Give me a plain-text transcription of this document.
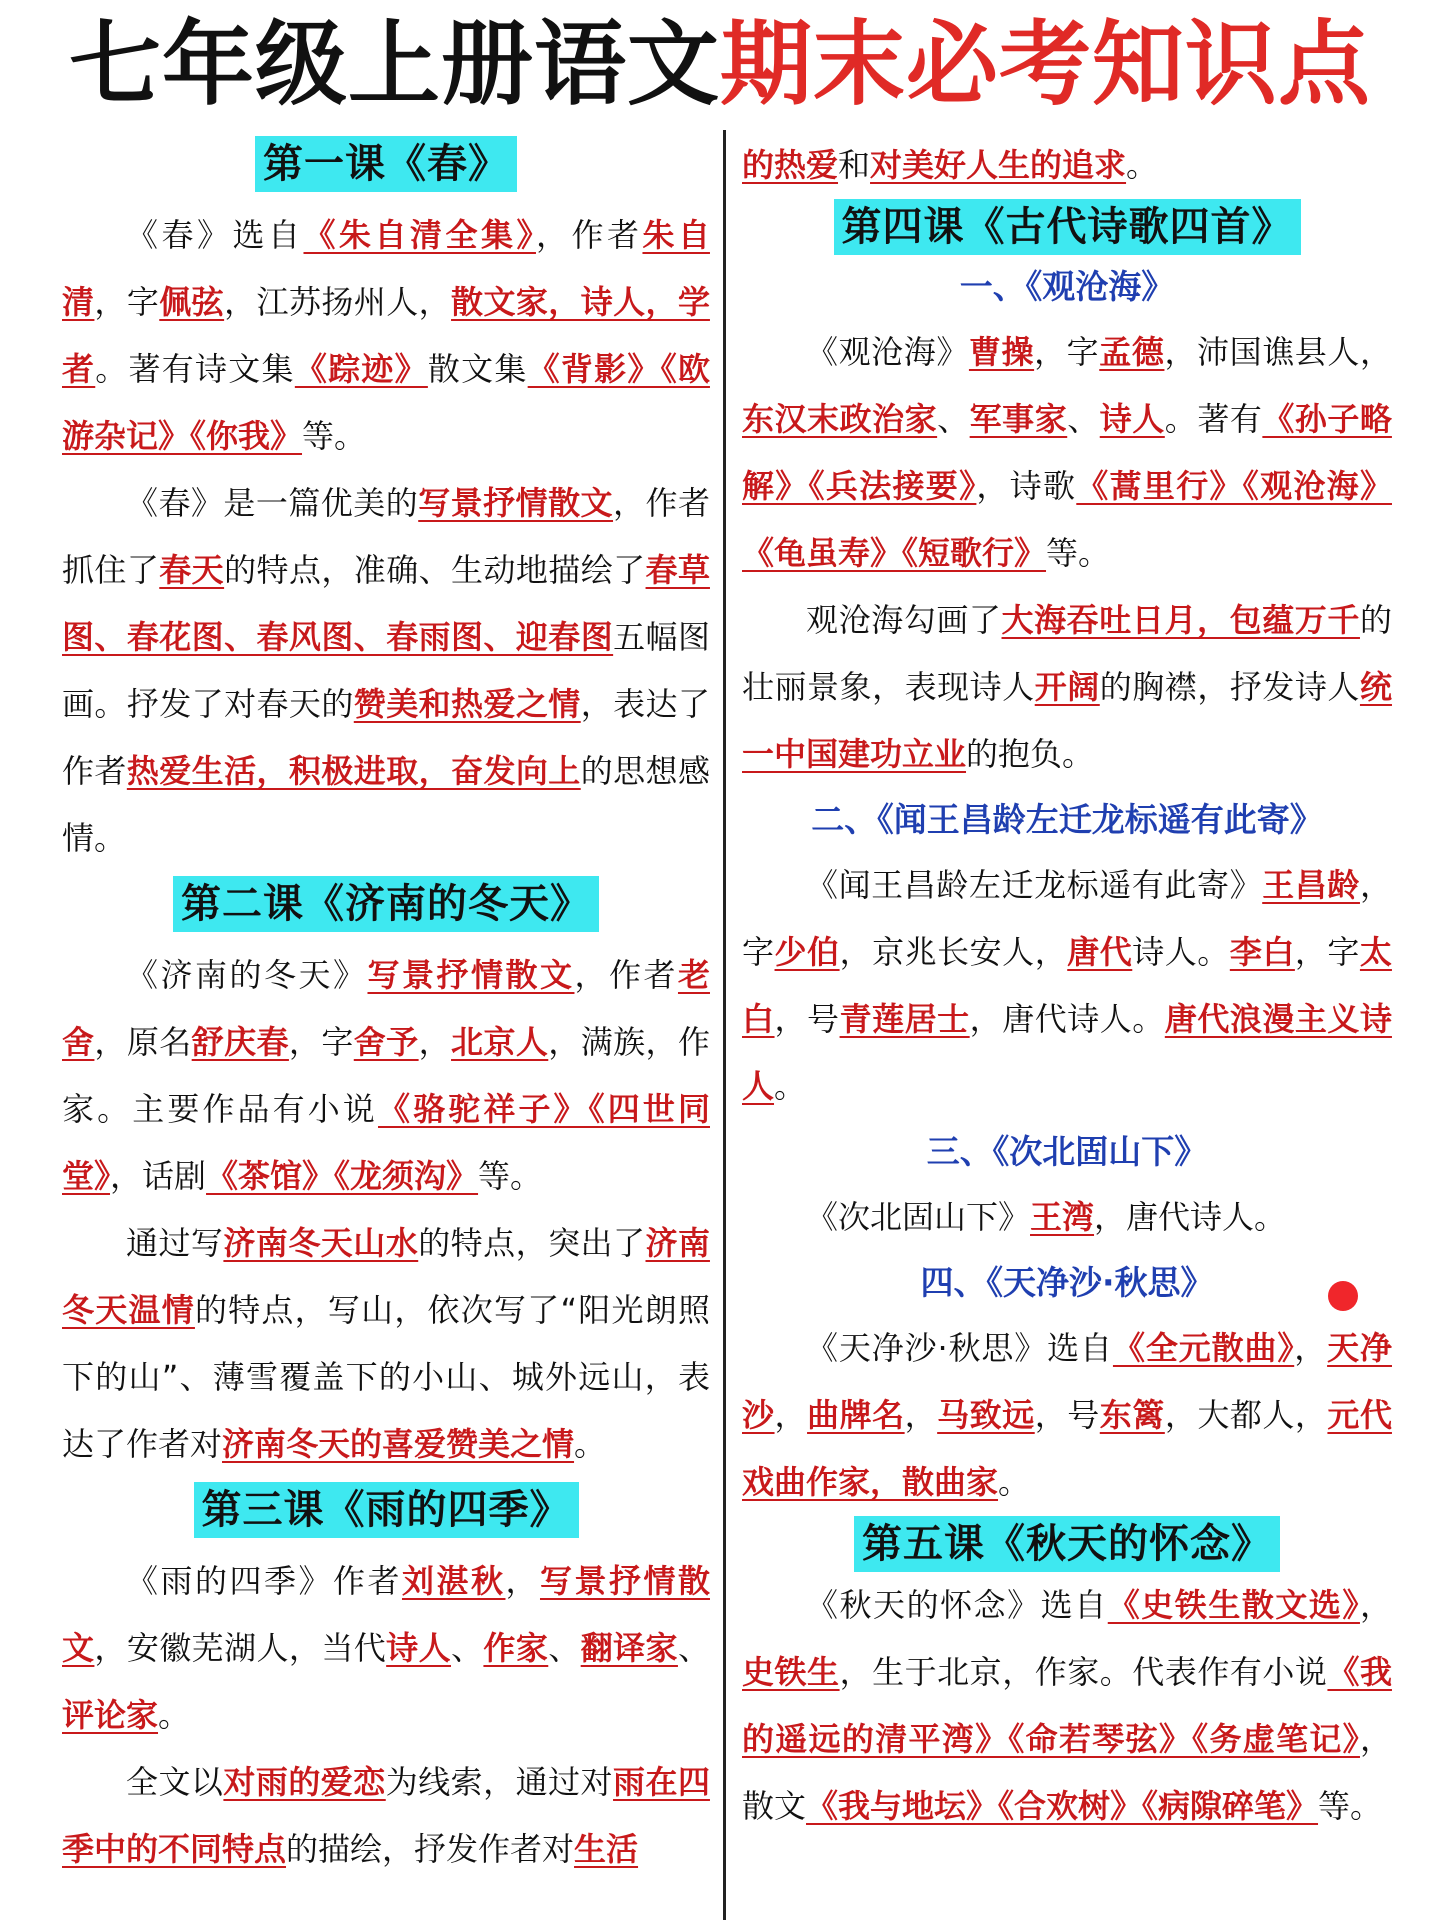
七年级上册语文期末必考知识点
第一课《春》

《春》选自《朱自清全集》，作者朱自清，字佩弦，江苏扬州人，散文家，诗人，学者。著有诗文集《踪迹》散文集《背影》《欧游杂记》《你我》等。

《春》是一篇优美的写景抒情散文，作者抓住了春天的特点，准确、生动地描绘了春草图、春花图、春风图、春雨图、迎春图五幅图画。抒发了对春天的赞美和热爱之情，表达了作者热爱生活，积极进取，奋发向上的思想感情。

第二课《济南的冬天》

《济南的冬天》写景抒情散文，作者老舍，原名舒庆春，字舍予，北京人，满族，作家。主要作品有小说《骆驼祥子》《四世同堂》，话剧《茶馆》《龙须沟》等。

通过写济南冬天山水的特点，突出了济南冬天温情的特点，写山，依次写了“阳光朗照下的山”、薄雪覆盖下的小山、城外远山，表达了作者对济南冬天的喜爱赞美之情。

第三课《雨的四季》

《雨的四季》作者刘湛秋，写景抒情散文，安徽芜湖人，当代诗人、作家、翻译家、评论家。

全文以对雨的爱恋为线索，通过对雨在四季中的不同特点的描绘，抒发作者对生活

的热爱和对美好人生的追求。

第四课《古代诗歌四首》
一、《观沧海》

《观沧海》曹操，字孟德，沛国谯县人，东汉末政治家、军事家、诗人。著有《孙子略解》《兵法接要》，诗歌《蒿里行》《观沧海》《龟虽寿》《短歌行》等。

观沧海勾画了大海吞吐日月，包蕴万千的壮丽景象，表现诗人开阔的胸襟，抒发诗人统一中国建功立业的抱负。

二、《闻王昌龄左迁龙标遥有此寄》

《闻王昌龄左迁龙标遥有此寄》王昌龄，字少伯，京兆长安人，唐代诗人。李白，字太白，号青莲居士，唐代诗人。唐代浪漫主义诗人。

三、《次北固山下》

《次北固山下》王湾，唐代诗人。

四、《天净沙·秋思》

《天净沙·秋思》选自《全元散曲》，天净沙，曲牌名，马致远，号东篱，大都人，元代戏曲作家，散曲家。

第五课《秋天的怀念》

《秋天的怀念》选自《史铁生散文选》，史铁生，生于北京，作家。代表作有小说《我的遥远的清平湾》《命若琴弦》《务虚笔记》，散文《我与地坛》《合欢树》《病隙碎笔》等。
